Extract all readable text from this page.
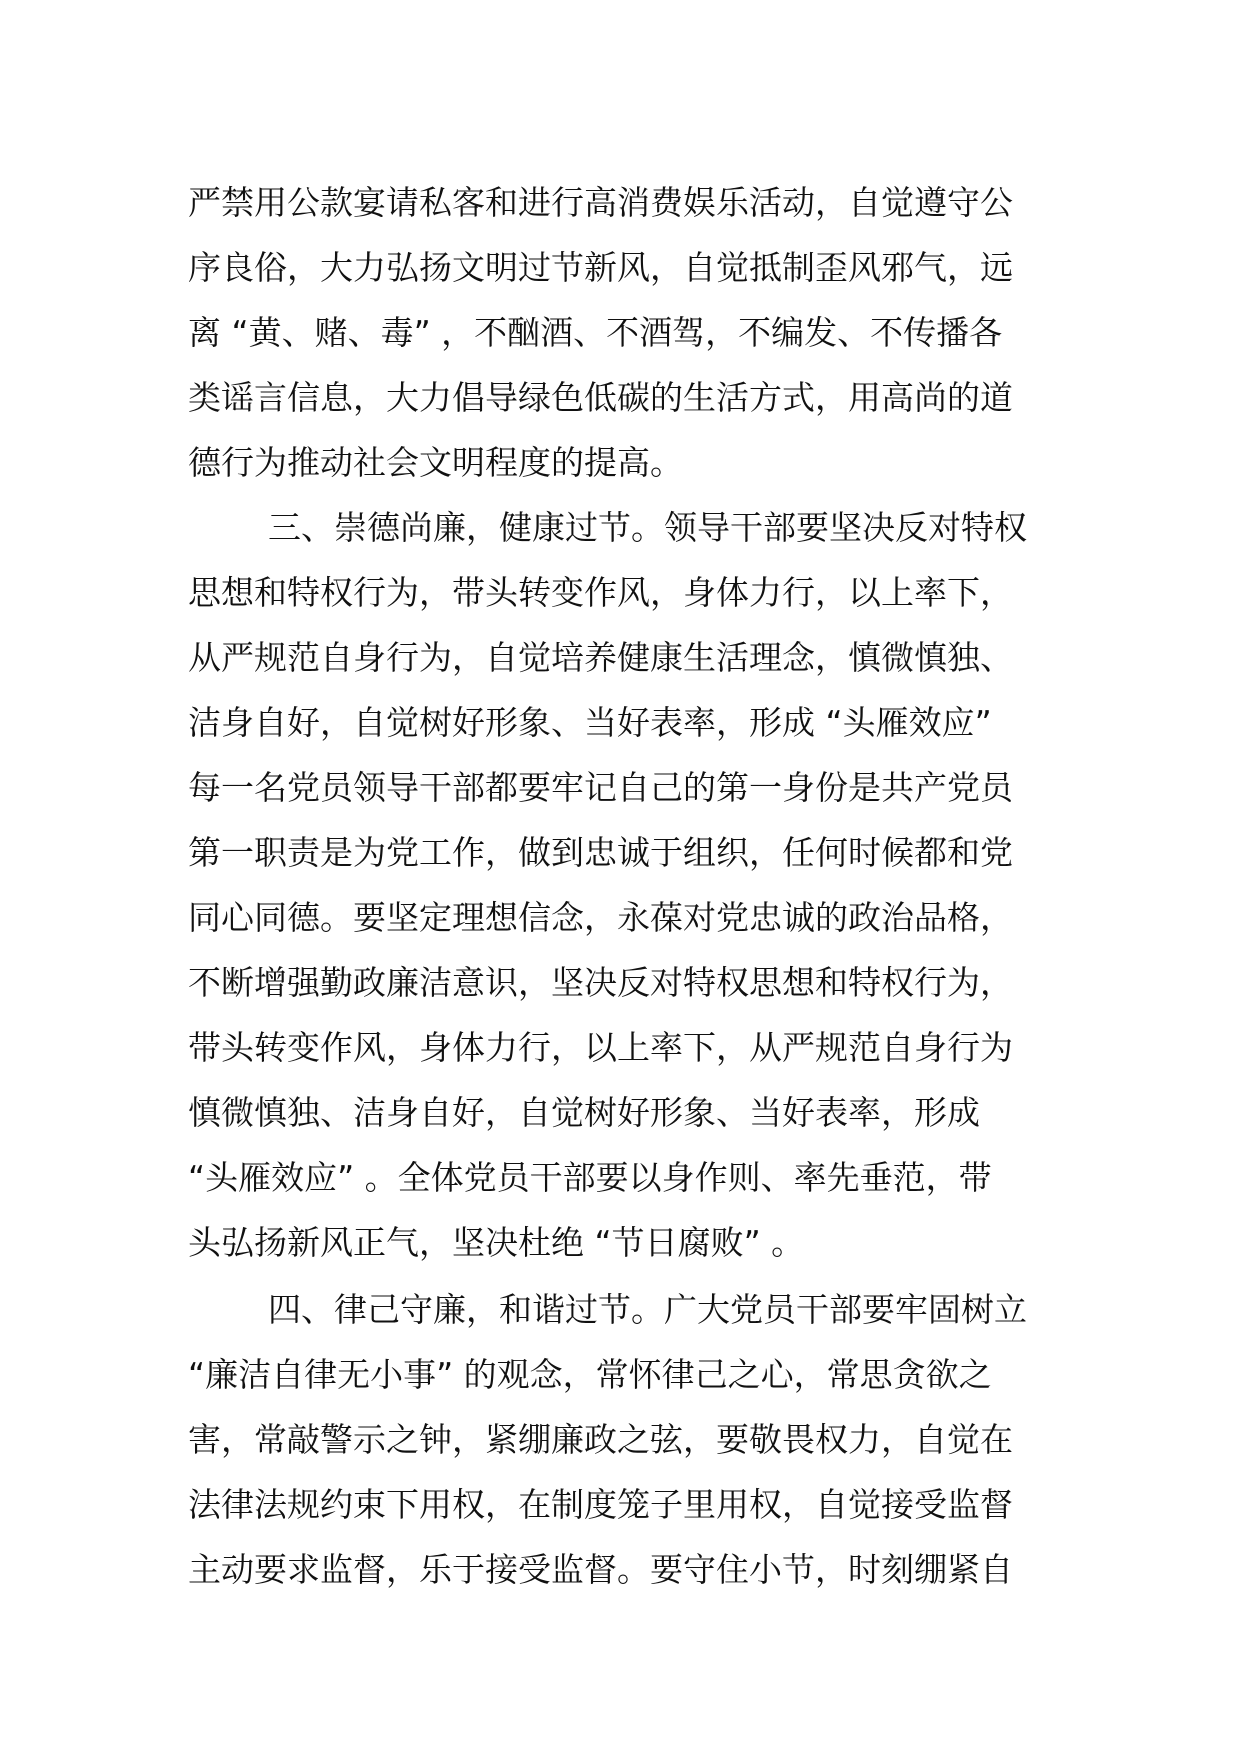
严禁用公款宴请私客和进行高消费娱乐活动，自觉遵守公
序良俗，大力弘扬文明过节新风，自觉抵制歪风邪气，远
离 “黄、赌、毒” ，不酗酒、不酒驾，不编发、不传播各
类谣言信息，大力倡导绿色低碳的生活方式，用高尚的道
德行为推动社会文明程度的提高。
三、崇德尚廉，健康过节。领导干部要坚决反对特权
思想和特权行为，带头转变作风，身体力行，以上率下，
从严规范自身行为，自觉培养健康生活理念，慎微慎独、
洁身自好，自觉树好形象、当好表率，形成 “头雁效应”
每一名党员领导干部都要牢记自己的第一身份是共产党员
第一职责是为党工作，做到忠诚于组织，任何时候都和党
同心同德。要坚定理想信念，永葆对党忠诚的政治品格，
不断增强勤政廉洁意识，坚决反对特权思想和特权行为，
带头转变作风，身体力行，以上率下，从严规范自身行为
慎微慎独、洁身自好，自觉树好形象、当好表率，形成
“头雁效应” 。全体党员干部要以身作则、率先垂范，带
头弘扬新风正气，坚决杜绝 “节日腐败” 。
四、律己守廉，和谐过节。广大党员干部要牢固树立
“廉洁自律无小事” 的观念，常怀律己之心，常思贪欲之
害，常敲警示之钟，紧绷廉政之弦，要敬畏权力，自觉在
法律法规约束下用权，在制度笼子里用权，自觉接受监督
主动要求监督，乐于接受监督。要守住小节，时刻绷紧自
